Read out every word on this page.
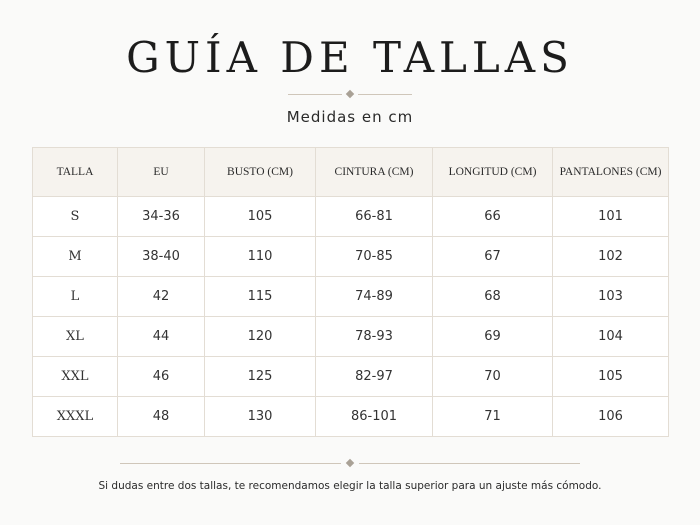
GUÍA DE TALLAS
Medidas en cm
TALLA	EU	BUSTO (CM)	CINTURA (CM)	LONGITUD (CM)	PANTALONES (CM)
S	34-36	105	66-81	66	101
M	38-40	110	70-85	67	102
L	42	115	74-89	68	103
XL	44	120	78-93	69	104
XXL	46	125	82-97	70	105
XXXL	48	130	86-101	71	106
Si dudas entre dos tallas, te recomendamos elegir la talla superior para un ajuste más cómodo.
